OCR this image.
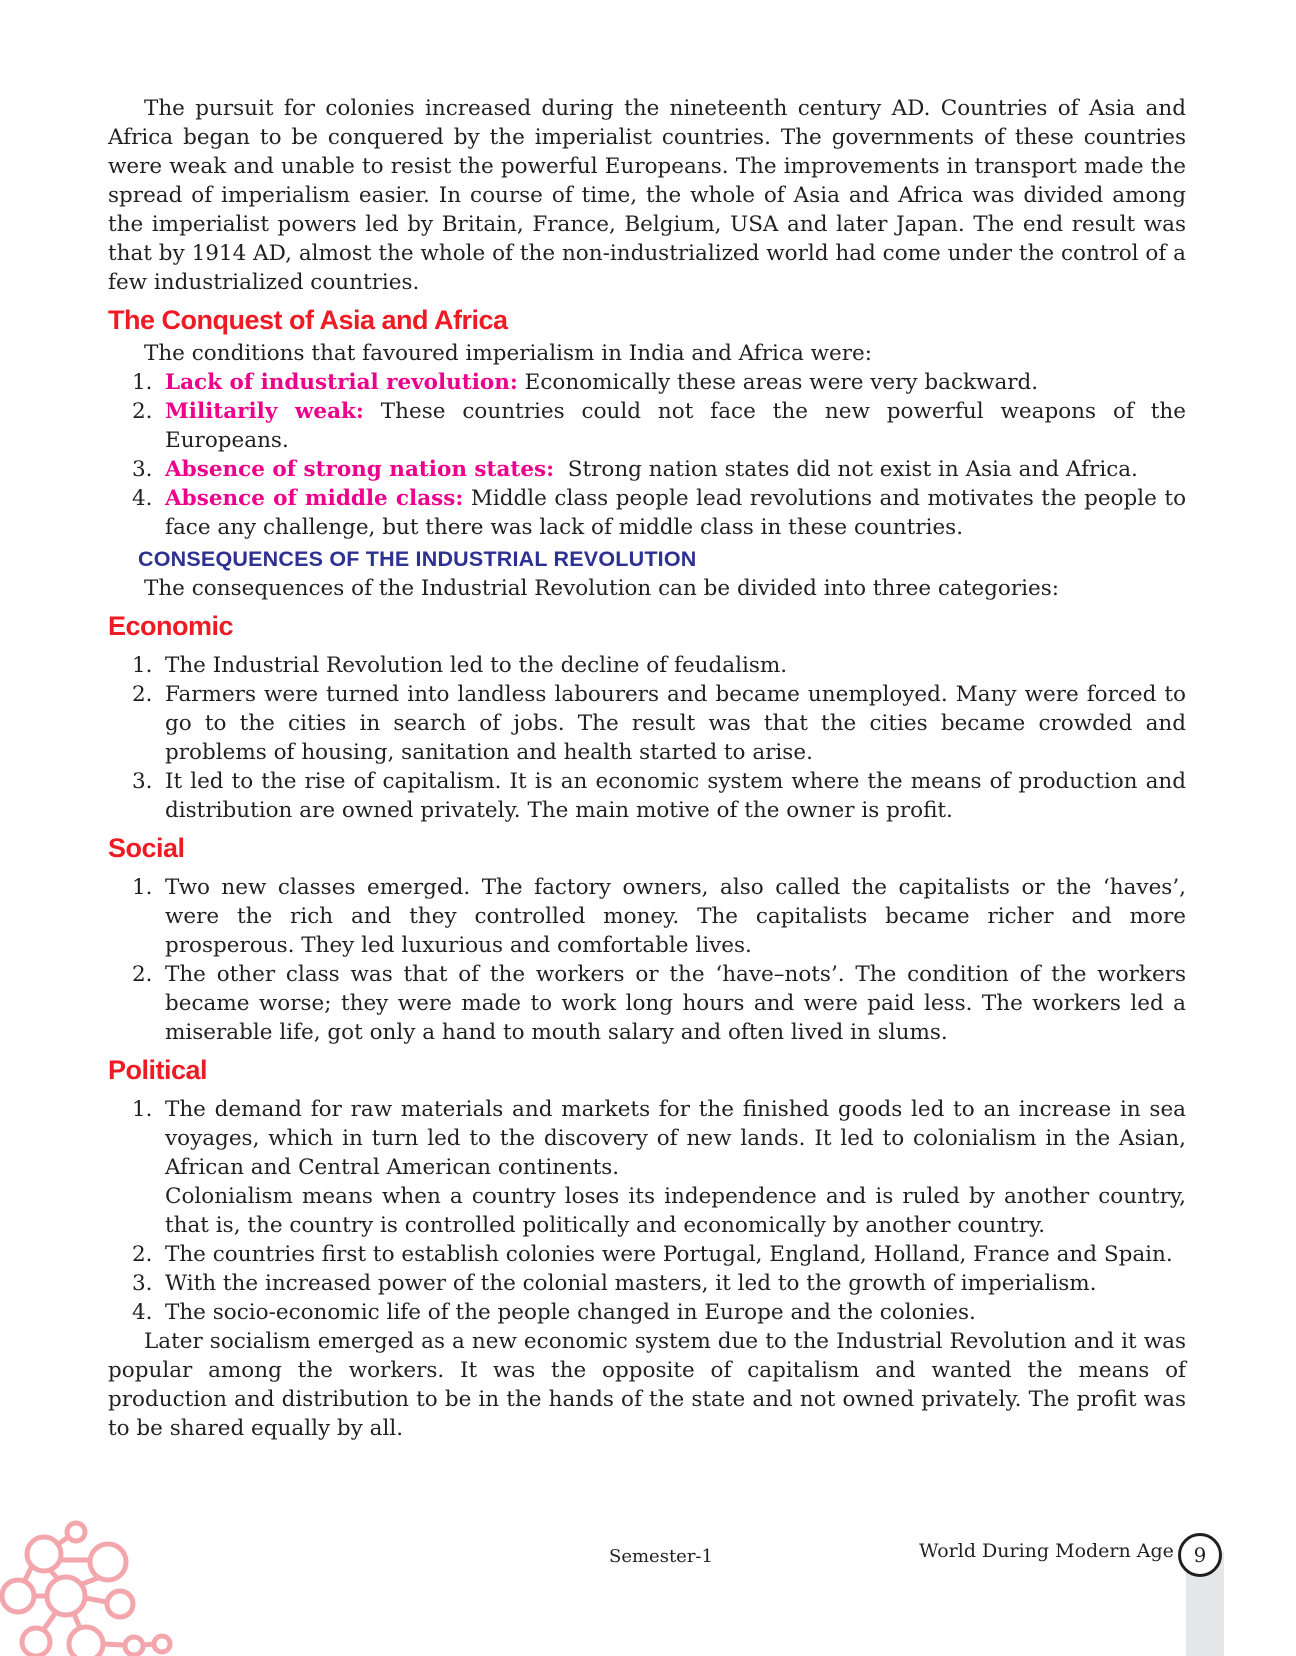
The pursuit for colonies increased during the nineteenth century AD. Countries of Asia and Africa began to be conquered by the imperialist countries. The governments of these countries were weak and unable to resist the powerful Europeans. The improvements in transport made the spread of imperialism easier. In course of time, the whole of Asia and Africa was divided among the imperialist powers led by Britain, France, Belgium, USA and later Japan. The end result was that by 1914 AD, almost the whole of the non-industrialized world had come under the control of a few industrialized countries.

The Conquest of Asia and Africa

The conditions that favoured imperialism in India and Africa were:

1. Lack of industrial revolution: Economically these areas were very backward.
2. Militarily weak: These countries could not face the new powerful weapons of the Europeans.
3. Absence of strong nation states:  Strong nation states did not exist in Asia and Africa.
4. Absence of middle class: Middle class people lead revolutions and motivates the people to face any challenge, but there was lack of middle class in these countries.
CONSEQUENCES OF THE INDUSTRIAL REVOLUTION

The consequences of the Industrial Revolution can be divided into three categories:

Economic
1. The Industrial Revolution led to the decline of feudalism.
2. Farmers were turned into landless labourers and became unemployed. Many were forced to go to the cities in search of jobs. The result was that the cities became crowded and problems of housing, sanitation and health started to arise.
3. It led to the rise of capitalism. It is an economic system where the means of production and distribution are owned privately. The main motive of the owner is profit.
Social
1. Two new classes emerged. The factory owners, also called the capitalists or the ‘haves’, were the rich and they controlled money. The capitalists became richer and more prosperous. They led luxurious and comfortable lives.
2. The other class was that of the workers or the ‘have–nots’. The condition of the workers became worse; they were made to work long hours and were paid less. The workers led a miserable life, got only a hand to mouth salary and often lived in slums.
Political
1. The demand for raw materials and markets for the finished goods led to an increase in sea voyages, which in turn led to the discovery of new lands. It led to colonialism in the Asian, African and Central American continents.

Colonialism means when a country loses its independence and is ruled by another country, that is, the country is controlled politically and economically by another country.

2. The countries first to establish colonies were Portugal, England, Holland, France and Spain.
3. With the increased power of the colonial masters, it led to the growth of imperialism.
4. The socio-economic life of the people changed in Europe and the colonies.

Later socialism emerged as a new economic system due to the Industrial Revolution and it was popular among the workers. It was the opposite of capitalism and wanted the means of production and distribution to be in the hands of the state and not owned privately. The profit was to be shared equally by all.

Semester-1	World During Modern Age 9
